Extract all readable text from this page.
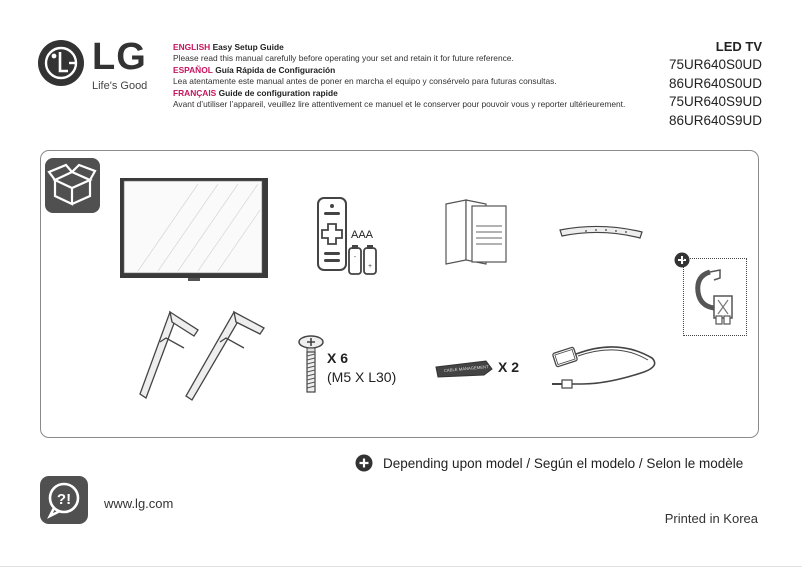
LG
Life's Good

ENGLISH Easy Setup Guide

Please read this manual carefully before operating your set and retain it for future reference.

ESPAÑOL Guía Rápida de Configuración

Lea atentamente este manual antes de poner en marcha el equipo y consérvelo para futuras consultas.

FRANÇAIS Guide de configuration rapide

Avant d’utiliser l’appareil, veuillez lire attentivement ce manuel et le conserver pour pouvoir vous y reporter ultérieurement.

LED TV
75UR640S0UD
86UR640S0UD
75UR640S9UD
86UR640S9UD
AAA
-
+
X 6
(M5 X L30)
CABLE MANAGEMENT X 2
Depending upon model / Según el modelo / Selon le modèle
?!	www.lg.com
Printed in Korea
